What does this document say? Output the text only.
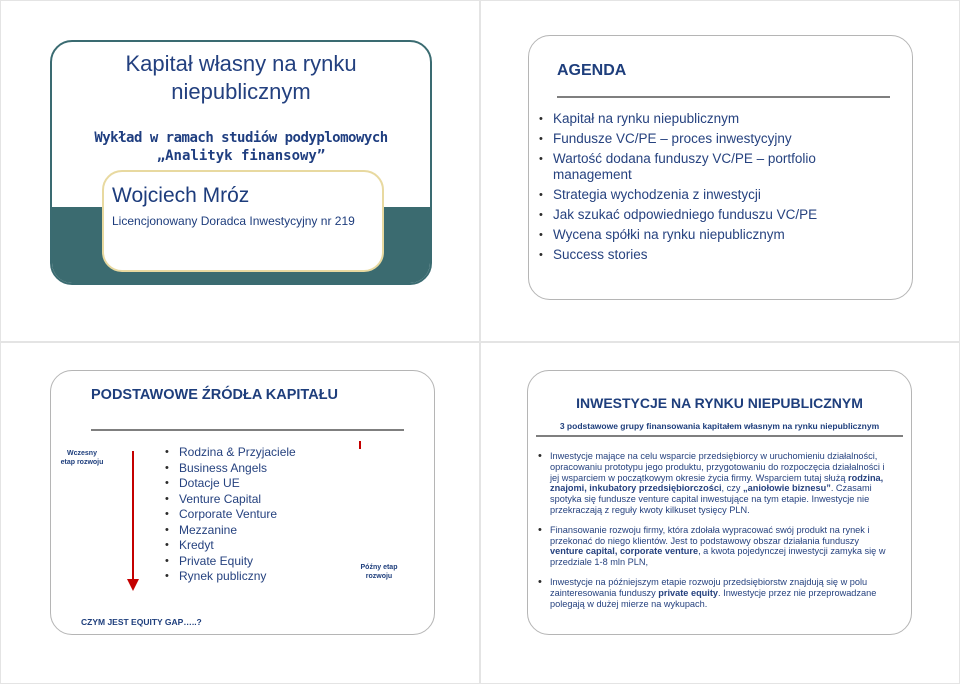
Kapitał własny na rynku
niepublicznym
Wykład w ramach studiów podyplomowych
„Analityk finansowy”
Wojciech Mróz
Licencjonowany Doradca Inwestycyjny nr 219
AGENDA
• Kapitał na rynku niepublicznym
• Fundusze VC/PE – proces inwestycyjny
• Wartość dodana funduszy VC/PE – portfolio management
• Strategia wychodzenia z inwestycji
• Jak szukać odpowiedniego funduszu VC/PE
• Wycena spółki na rynku niepublicznym
• Success stories
PODSTAWOWE ŹRÓDŁA KAPITAŁU
Wczesny etap rozwoju
• Rodzina & Przyjaciele
• Business Angels
• Dotacje UE
• Venture Capital
• Corporate Venture
• Mezzanine
• Kredyt
• Private Equity
• Rynek publiczny
Późny etap rozwoju
CZYM JEST EQUITY GAP…..?
INWESTYCJE NA RYNKU NIEPUBLICZNYM
3 podstawowe grupy finansowania kapitałem własnym na rynku niepublicznym
• Inwestycje mające na celu wsparcie przedsiębiorcy w uruchomieniu działalności, opracowaniu prototypu jego produktu, przygotowaniu do rozpoczęcia działalności i jej wsparciem w początkowym okresie życia firmy. Wsparciem tutaj służą rodzina, znajomi, inkubatory przedsiębiorczości, czy „aniołowie biznesu”. Czasami spotyka się fundusze venture capital inwestujące na tym etapie. Inwestycje nie przekraczają z reguły kwoty kilkuset tysięcy PLN.
• Finansowanie rozwoju firmy, która zdołała wypracować swój produkt na rynek i przekonać do niego klientów. Jest to podstawowy obszar działania funduszy venture capital, corporate venture, a kwota pojedynczej inwestycji zamyka się w przedziale 1-8 mln PLN,
• Inwestycje na późniejszym etapie rozwoju przedsiębiorstw znajdują się w polu zainteresowania funduszy private equity. Inwestycje przez nie przeprowadzane polegają w dużej mierze na wykupach.
